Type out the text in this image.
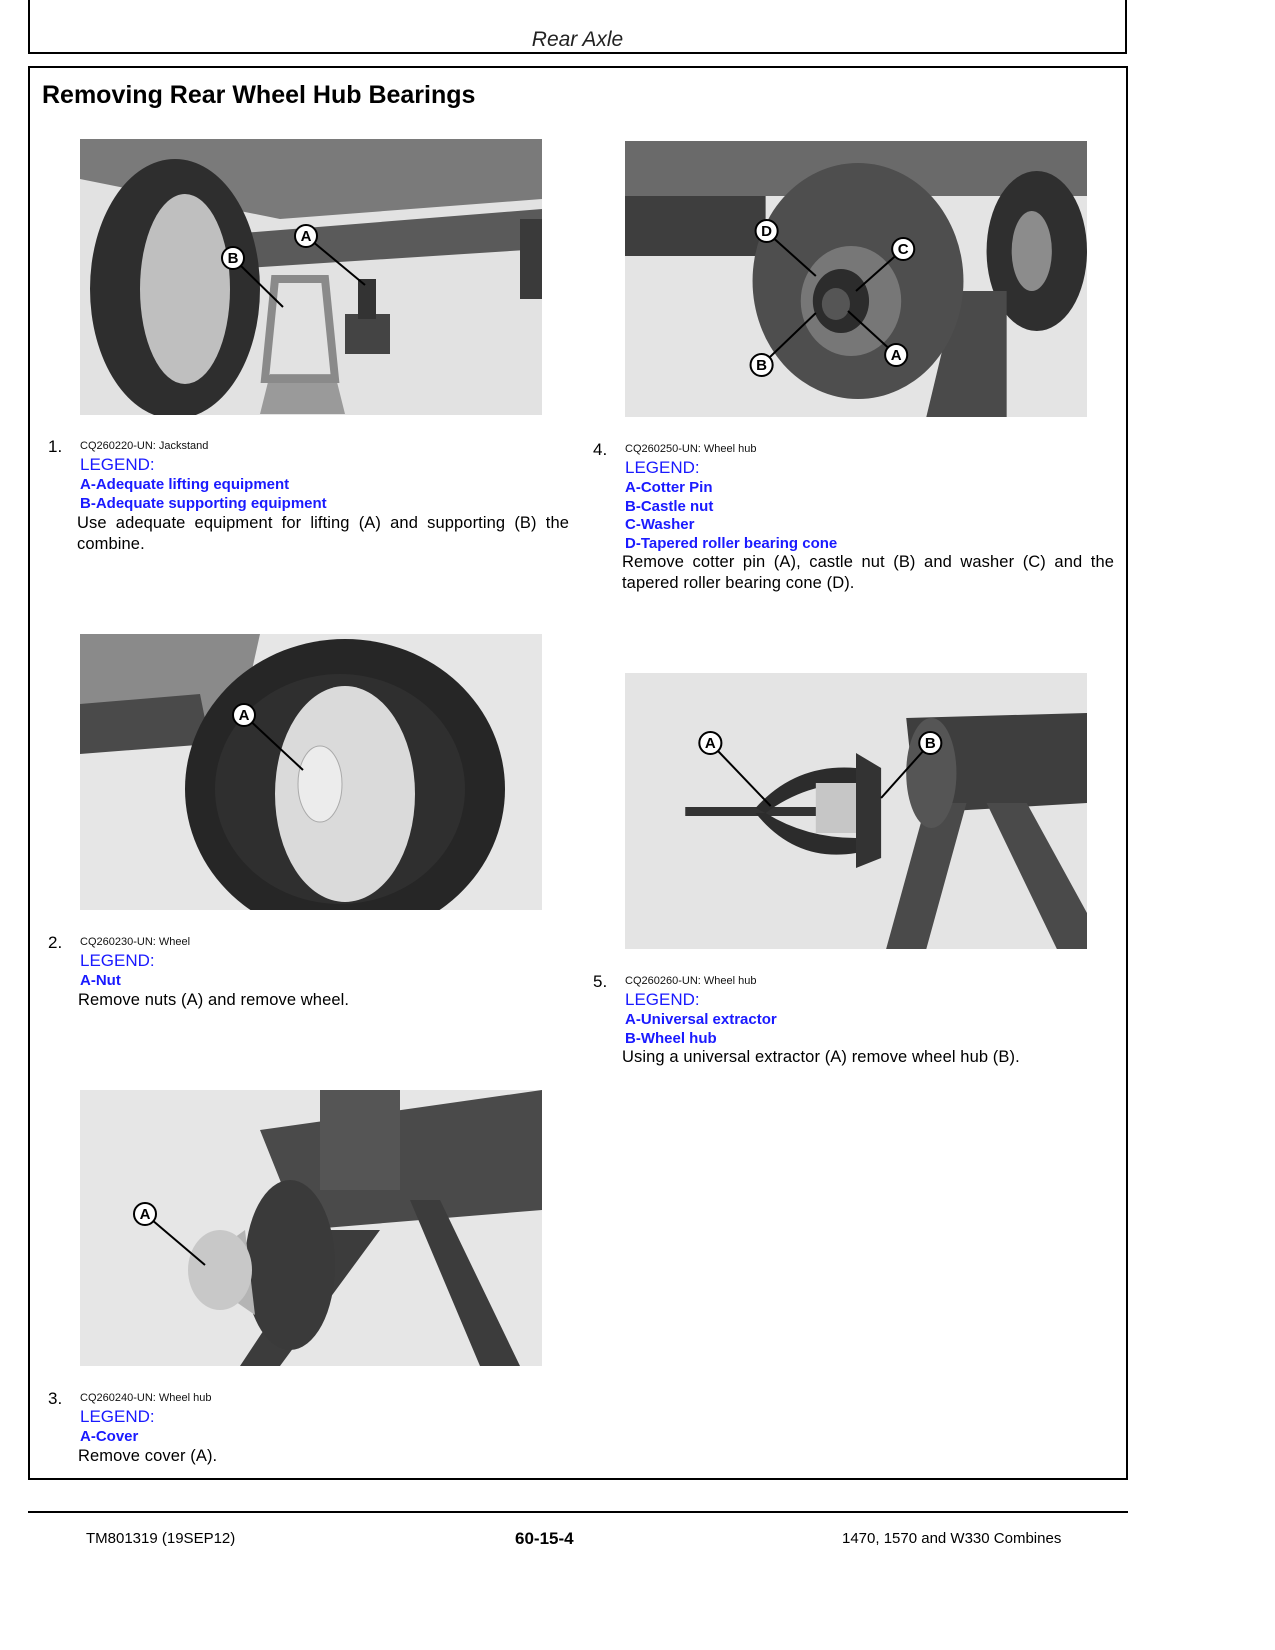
Rear Axle
Removing Rear Wheel Hub Bearings
A
B
1. CQ260220-UN: Jackstand
LEGEND:
A-Adequate lifting equipment
B-Adequate supporting equipment
Use adequate equipment for lifting (A) and supporting (B) the combine.
A
2. CQ260230-UN: Wheel
LEGEND:
A-Nut
Remove nuts (A) and remove wheel.
A
3. CQ260240-UN: Wheel hub
LEGEND:
A-Cover
Remove cover (A).
D
C
B
A
4. CQ260250-UN: Wheel hub
LEGEND:
A-Cotter Pin
B-Castle nut
C-Washer
D-Tapered roller bearing cone
Remove cotter pin (A), castle nut (B) and washer (C) and the tapered roller bearing cone (D).
A	B
5. CQ260260-UN: Wheel hub
LEGEND:
A-Universal extractor
B-Wheel hub
Using a universal extractor (A) remove wheel hub (B).
TM801319 (19SEP12)	60-15-4	1470, 1570 and W330 Combines
